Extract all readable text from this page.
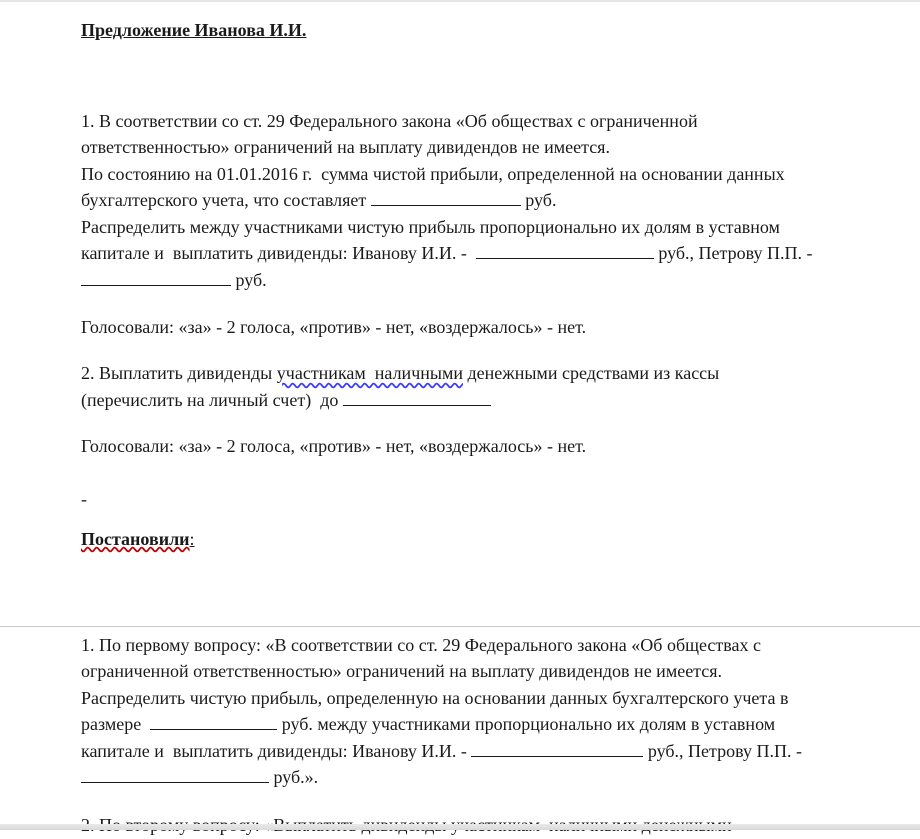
Предложение Иванова И.И.
1. В соответствии со ст. 29 Федерального закона «Об обществах с ограниченной
ответственностью» ограничений на выплату дивидендов не имеется.
По состоянию на 01.01.2016 г.  сумма чистой прибыли, определенной на основании данных
бухгалтерского учета, что составляет	руб.
Распределить между участниками чистую прибыль пропорционально их долям в уставном
капитале и  выплатить дивиденды: Иванову И.И. -	руб., Петрову П.П. -
руб.
Голосовали: «за» - 2 голоса, «против» - нет, «воздержалось» - нет.
2. Выплатить дивиденды участникам  наличными денежными средствами из кассы
(перечислить на личный счет)  до
Голосовали: «за» - 2 голоса, «против» - нет, «воздержалось» - нет.
-
Постановили:
1. По первому вопросу: «В соответствии со ст. 29 Федерального закона «Об обществах с
ограниченной ответственностью» ограничений на выплату дивидендов не имеется.
Распределить чистую прибыль, определенную на основании данных бухгалтерского учета в
размере	руб. между участниками пропорционально их долям в уставном
капитале и  выплатить дивиденды: Иванову И.И. -	руб., Петрову П.П. -
руб.».
